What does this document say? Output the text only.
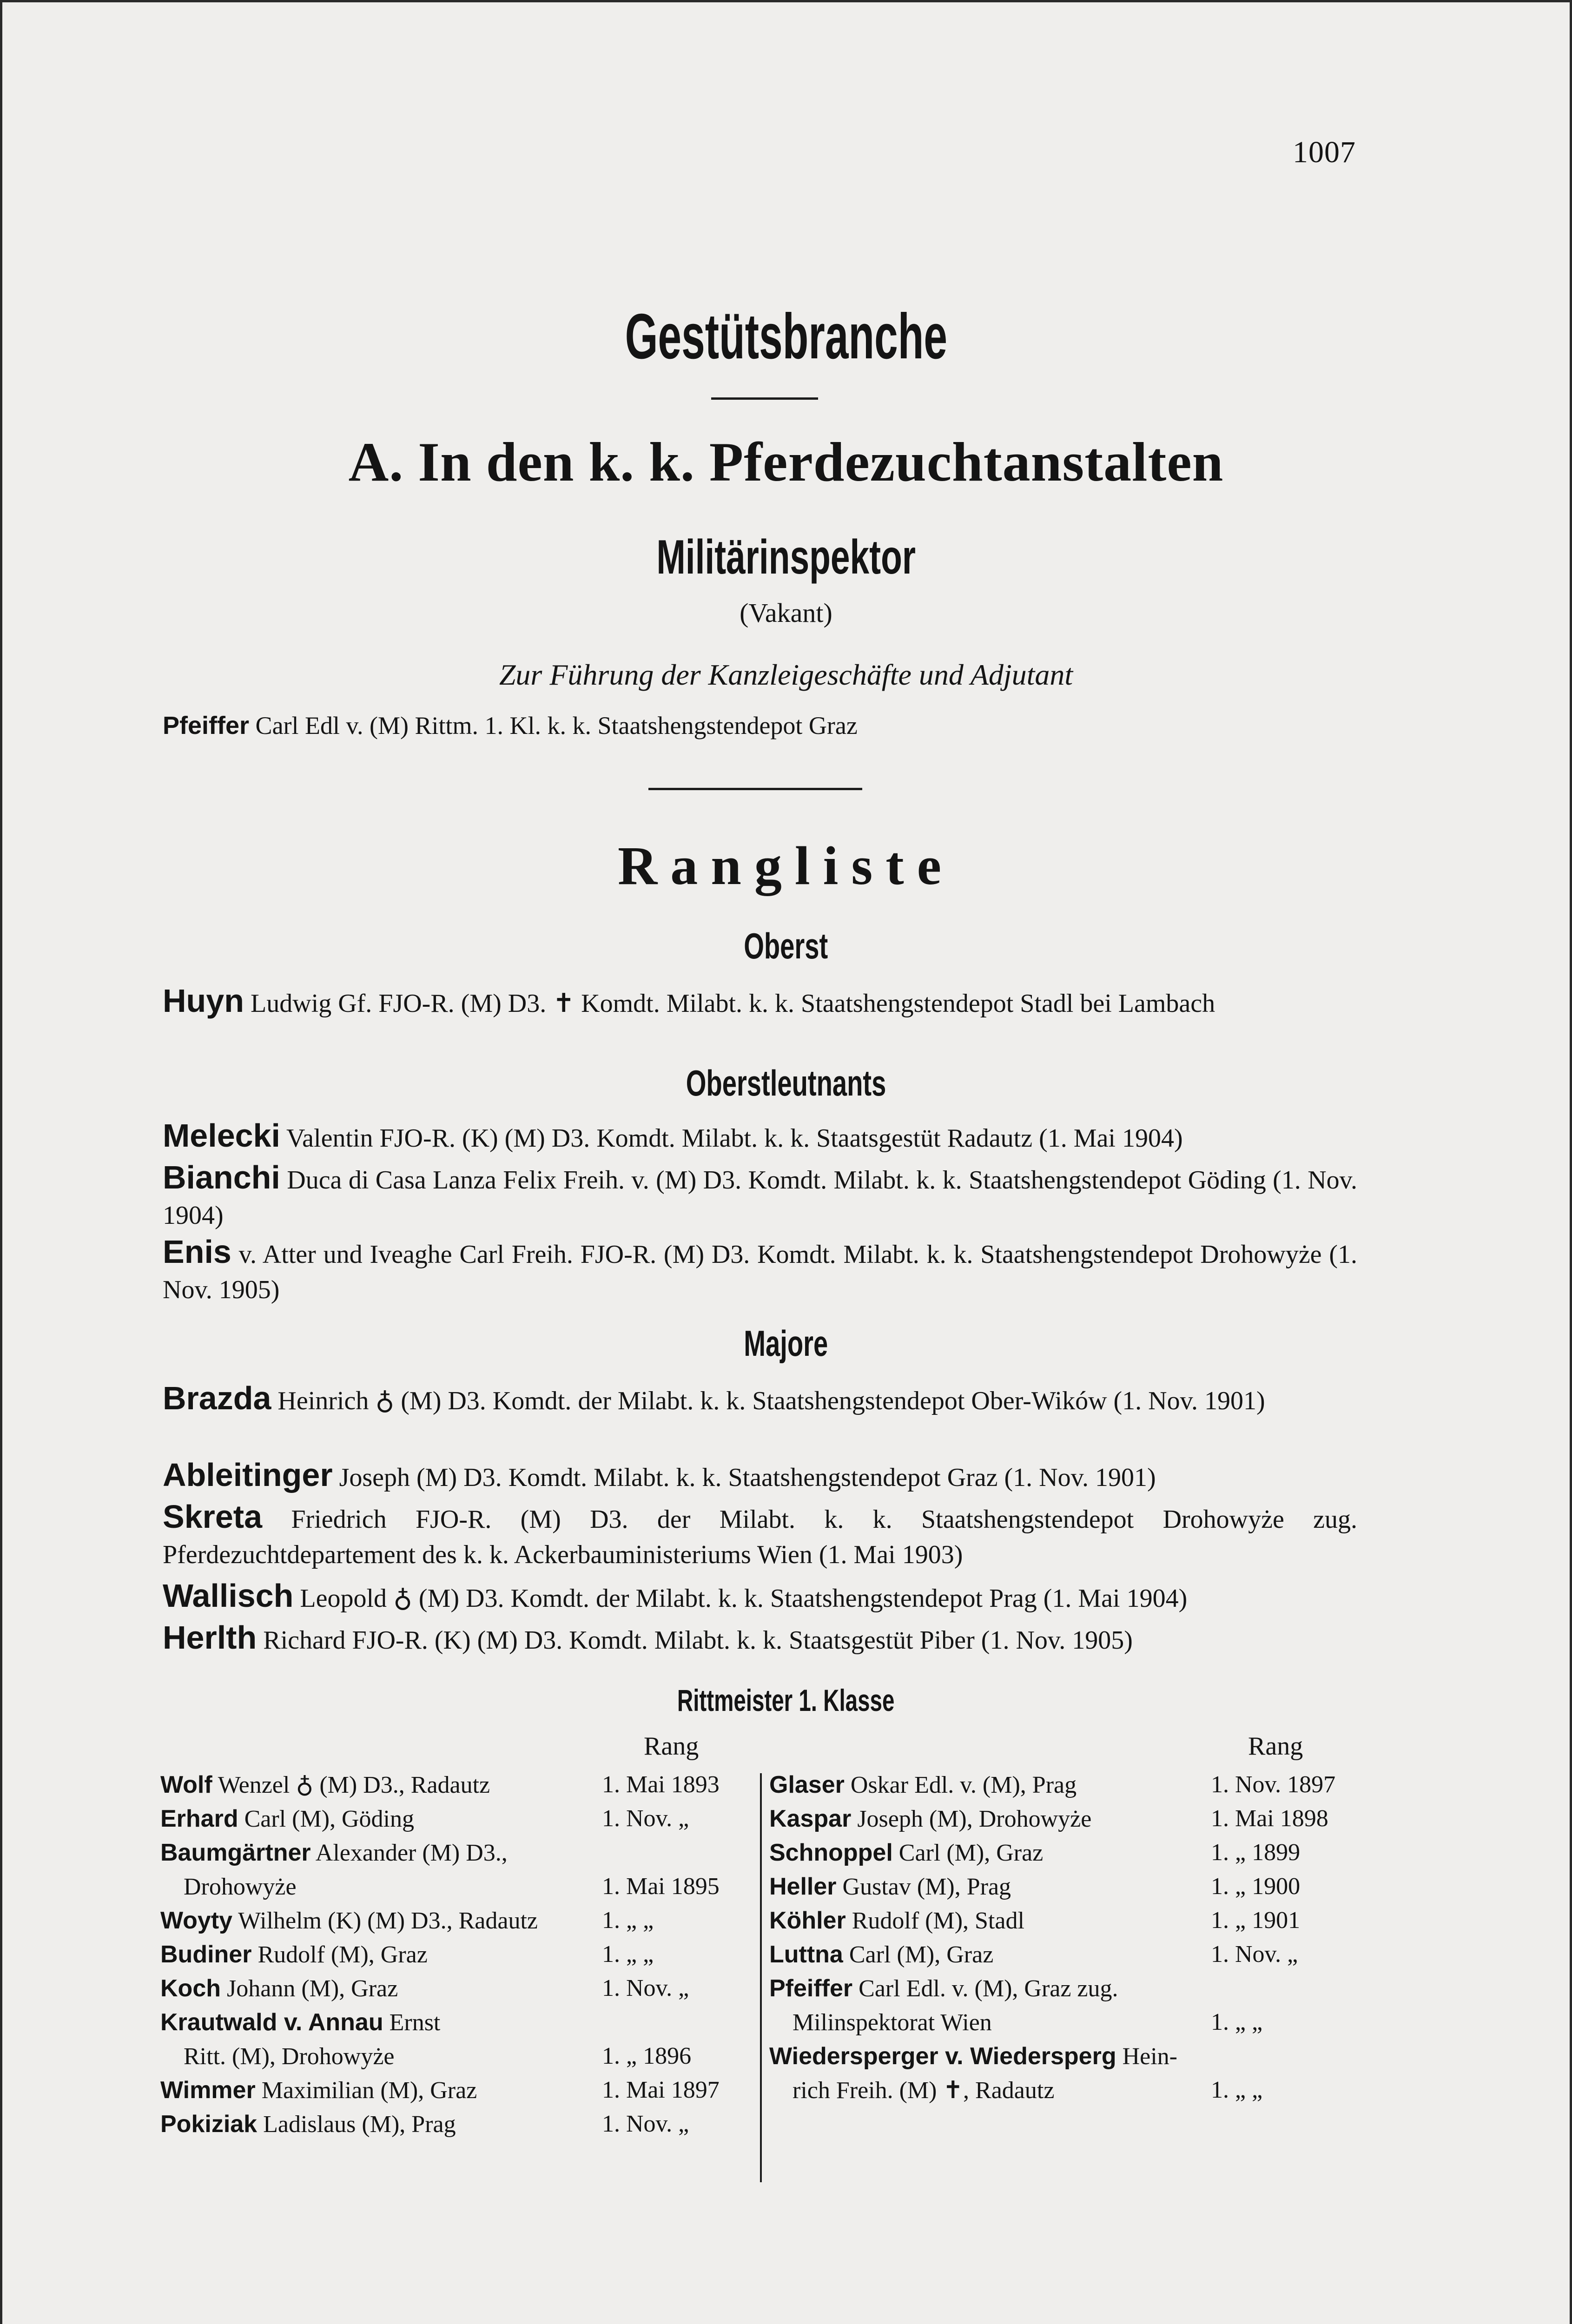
1007
Gestütsbranche
A. In den k. k. Pferdezuchtanstalten
Militärinspektor
(Vakant)
Zur Führung der Kanzleigeschäfte und Adjutant
Pfeiffer Carl Edl v. (M) Rittm. 1. Kl. k. k. Staatshengstendepot Graz
Rangliste
Oberst
Huyn Ludwig Gf. FJO-R. (M) D3. ✝ Komdt. Milabt. k. k. Staatshengstendepot Stadl bei Lambach
Oberstleutnants
Melecki Valentin FJO-R. (K) (M) D3. Komdt. Milabt. k. k. Staatsgestüt Radautz (1. Mai 1904)
Bianchi Duca di Casa Lanza Felix Freih. v. (M) D3. Komdt. Milabt. k. k. Staatshengstendepot Göding (1. Nov. 1904)
Enis v. Atter und Iveaghe Carl Freih. FJO-R. (M) D3. Komdt. Milabt. k. k. Staatshengstendepot Drohowyże (1. Nov. 1905)
Majore
Brazda Heinrich ♁ (M) D3. Komdt. der Milabt. k. k. Staatshengstendepot Ober-Wików (1. Nov. 1901)
Ableitinger Joseph (M) D3. Komdt. Milabt. k. k. Staatshengstendepot Graz (1. Nov. 1901)
Skreta Friedrich FJO-R. (M) D3. der Milabt. k. k. Staatshengstendepot Drohowyże zug. Pferdezuchtdepartement des k. k. Ackerbauministeriums Wien (1. Mai 1903)
Wallisch Leopold ♁ (M) D3. Komdt. der Milabt. k. k. Staatshengstendepot Prag (1. Mai 1904)
Herlth Richard FJO-R. (K) (M) D3. Komdt. Milabt. k. k. Staatsgestüt Piber (1. Nov. 1905)
Rittmeister 1. Klasse
Rang
Wolf Wenzel ♁ (M) D3., Radautz	1. Mai 1893
Erhard Carl (M), Göding	1. Nov. „
Baumgärtner Alexander (M) D3.,
Drohowyże	1. Mai 1895
Woyty Wilhelm (K) (M) D3., Radautz	1. „ „
Budiner Rudolf (M), Graz	1. „ „
Koch Johann (M), Graz	1. Nov. „
Krautwald v. Annau Ernst
Ritt. (M), Drohowyże	1. „ 1896
Wimmer Maximilian (M), Graz	1. Mai 1897
Pokiziak Ladislaus (M), Prag	1. Nov. „
Rang
Glaser Oskar Edl. v. (M), Prag	1. Nov. 1897
Kaspar Joseph (M), Drohowyże	1. Mai 1898
Schnoppel Carl (M), Graz	1. „ 1899
Heller Gustav (M), Prag	1. „ 1900
Köhler Rudolf (M), Stadl	1. „ 1901
Luttna Carl (M), Graz	1. Nov. „
Pfeiffer Carl Edl. v. (M), Graz zug.
Milinspektorat Wien	1. „ „
Wiedersperger v. Wiedersperg Hein-
rich Freih. (M) ✝, Radautz	1. „ „
